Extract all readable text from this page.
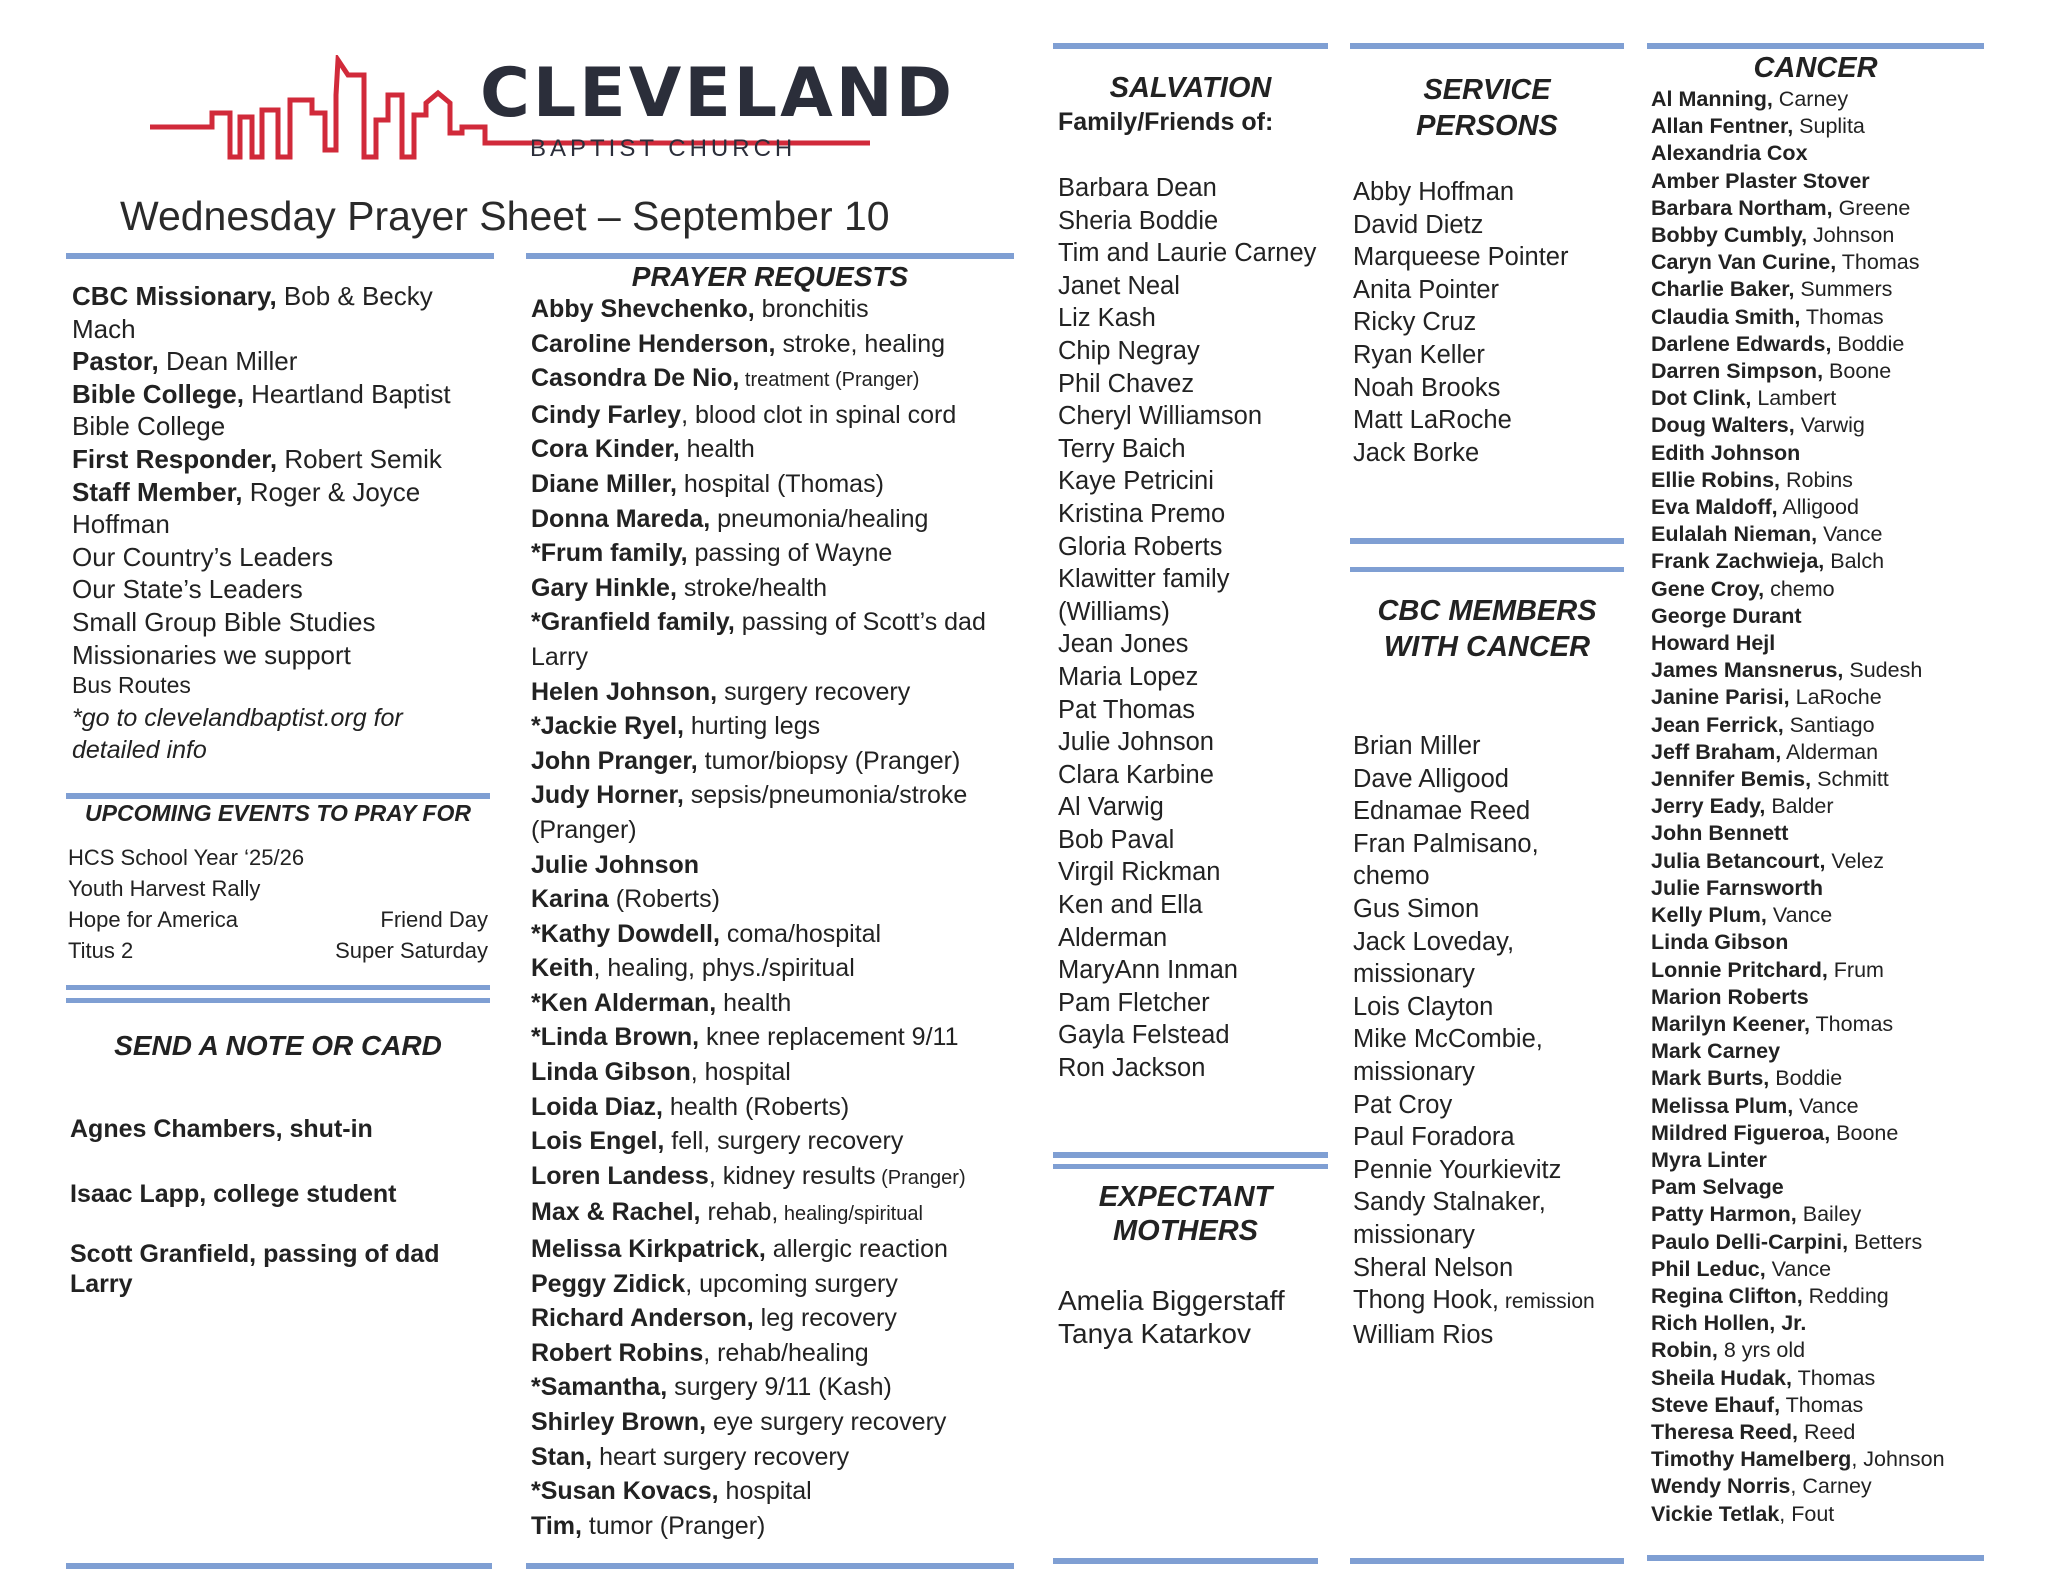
CLEVELAND
BAPTIST CHURCH
Wednesday Prayer Sheet – September 10
CBC Missionary, Bob & Becky
Mach
Pastor, Dean Miller
Bible College, Heartland Baptist
Bible College
First Responder, Robert Semik
Staff Member, Roger & Joyce
Hoffman
Our Country’s Leaders
Our State’s Leaders
Small Group Bible Studies
Missionaries we support
Bus Routes
*go to clevelandbaptist.org for
detailed info
UPCOMING EVENTS TO PRAY FOR
HCS School Year ‘25/26
Youth Harvest Rally
Hope for America	Friend Day
Titus 2	Super Saturday
SEND A NOTE OR CARD
Agnes Chambers, shut-in
Isaac Lapp, college student
Scott Granfield, passing of dad
Larry
PRAYER REQUESTS
Abby Shevchenko, bronchitis
Caroline Henderson, stroke, healing
Casondra De Nio, treatment (Pranger)
Cindy Farley, blood clot in spinal cord
Cora Kinder, health
Diane Miller, hospital (Thomas)
Donna Mareda, pneumonia/healing
*Frum family, passing of Wayne
Gary Hinkle, stroke/health
*Granfield family, passing of Scott’s dad
Larry
Helen Johnson, surgery recovery
*Jackie Ryel, hurting legs
John Pranger, tumor/biopsy (Pranger)
Judy Horner, sepsis/pneumonia/stroke
(Pranger)
Julie Johnson
Karina (Roberts)
*Kathy Dowdell, coma/hospital
Keith, healing, phys./spiritual
*Ken Alderman, health
*Linda Brown, knee replacement 9/11
Linda Gibson, hospital
Loida Diaz, health (Roberts)
Lois Engel, fell, surgery recovery
Loren Landess, kidney results (Pranger)
Max & Rachel, rehab, healing/spiritual
Melissa Kirkpatrick, allergic reaction
Peggy Zidick, upcoming surgery
Richard Anderson, leg recovery
Robert Robins, rehab/healing
*Samantha, surgery 9/11 (Kash)
Shirley Brown, eye surgery recovery
Stan, heart surgery recovery
*Susan Kovacs, hospital
Tim, tumor (Pranger)
SALVATION
Family/Friends of:
Barbara Dean
Sheria Boddie
Tim and Laurie Carney
Janet Neal
Liz Kash
Chip Negray
Phil Chavez
Cheryl Williamson
Terry Baich
Kaye Petricini
Kristina Premo
Gloria Roberts
Klawitter family
(Williams)
Jean Jones
Maria Lopez
Pat Thomas
Julie Johnson
Clara Karbine
Al Varwig
Bob Paval
Virgil Rickman
Ken and Ella
Alderman
MaryAnn Inman
Pam Fletcher
Gayla Felstead
Ron Jackson
EXPECTANT
MOTHERS
Amelia Biggerstaff
Tanya Katarkov
SERVICE
PERSONS
Abby Hoffman
David Dietz
Marqueese Pointer
Anita Pointer
Ricky Cruz
Ryan Keller
Noah Brooks
Matt LaRoche
Jack Borke
CBC MEMBERS
WITH CANCER
Brian Miller
Dave Alligood
Ednamae Reed
Fran Palmisano,
chemo
Gus Simon
Jack Loveday,
missionary
Lois Clayton
Mike McCombie,
missionary
Pat Croy
Paul Foradora
Pennie Yourkievitz
Sandy Stalnaker,
missionary
Sheral Nelson
Thong Hook, remission
William Rios
CANCER
Al Manning, Carney
Allan Fentner, Suplita
Alexandria Cox
Amber Plaster Stover
Barbara Northam, Greene
Bobby Cumbly, Johnson
Caryn Van Curine, Thomas
Charlie Baker, Summers
Claudia Smith, Thomas
Darlene Edwards, Boddie
Darren Simpson, Boone
Dot Clink, Lambert
Doug Walters, Varwig
Edith Johnson
Ellie Robins, Robins
Eva Maldoff, Alligood
Eulalah Nieman, Vance
Frank Zachwieja, Balch
Gene Croy, chemo
George Durant
Howard Hejl
James Mansnerus, Sudesh
Janine Parisi, LaRoche
Jean Ferrick, Santiago
Jeff Braham, Alderman
Jennifer Bemis, Schmitt
Jerry Eady, Balder
John Bennett
Julia Betancourt, Velez
Julie Farnsworth
Kelly Plum, Vance
Linda Gibson
Lonnie Pritchard, Frum
Marion Roberts
Marilyn Keener, Thomas
Mark Carney
Mark Burts, Boddie
Melissa Plum, Vance
Mildred Figueroa, Boone
Myra Linter
Pam Selvage
Patty Harmon, Bailey
Paulo Delli-Carpini, Betters
Phil Leduc, Vance
Regina Clifton, Redding
Rich Hollen, Jr.
Robin, 8 yrs old
Sheila Hudak, Thomas
Steve Ehauf, Thomas
Theresa Reed, Reed
Timothy Hamelberg, Johnson
Wendy Norris, Carney
Vickie Tetlak, Fout
